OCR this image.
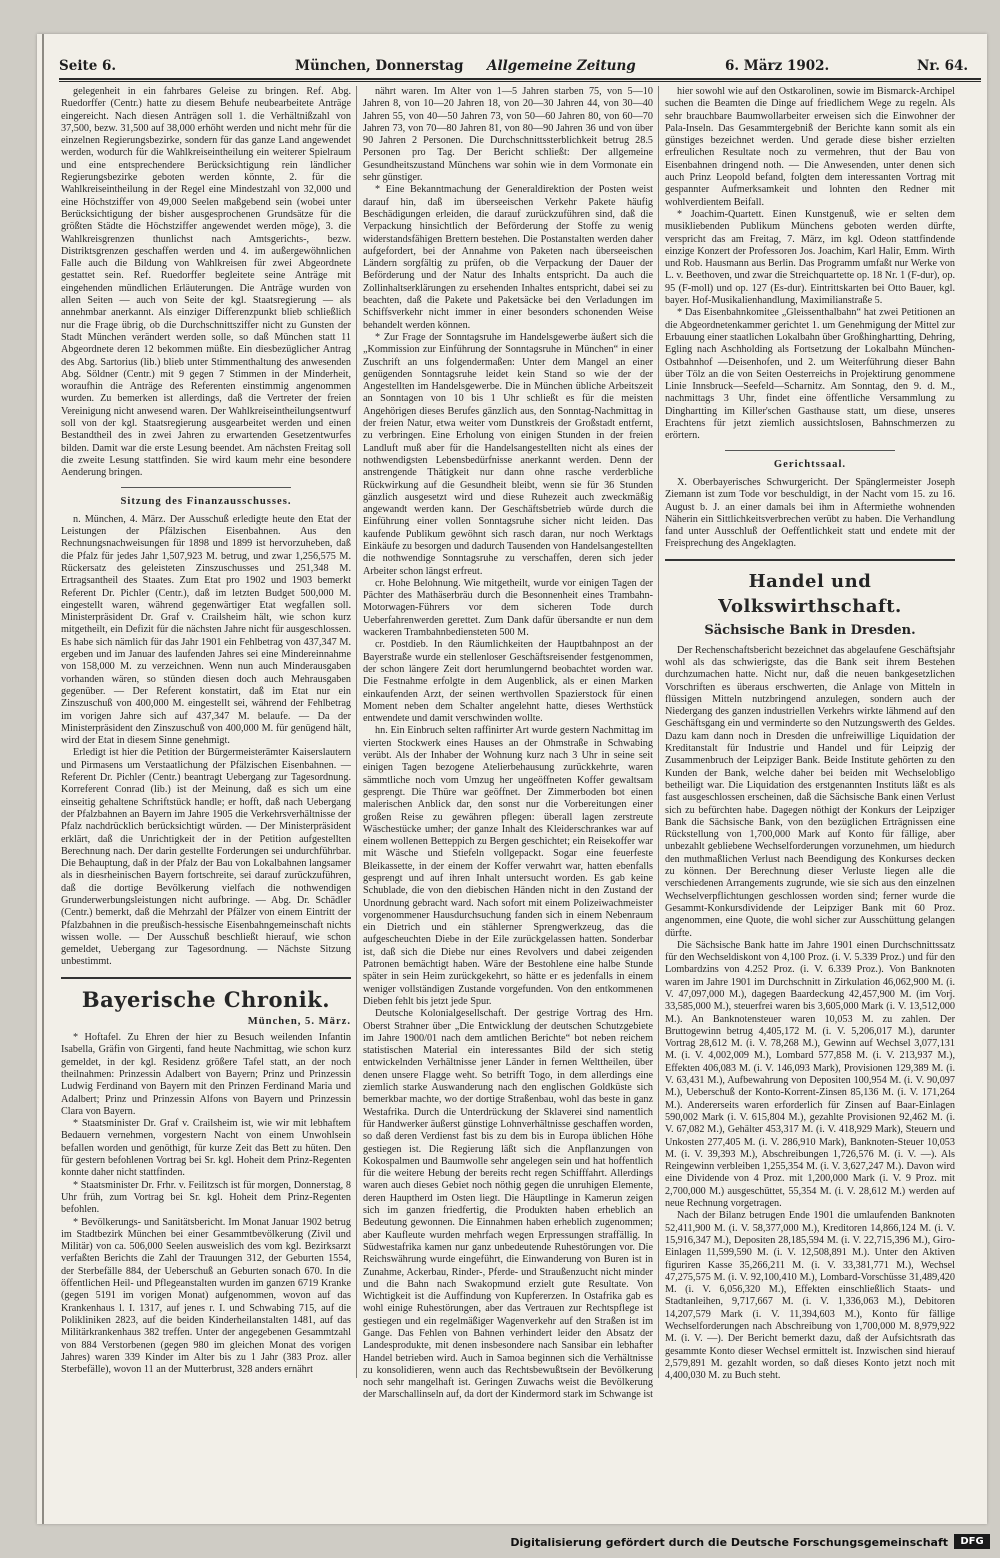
Seite 6.	München, Donnerstag Allgemeine Zeitung	6. März 1902.	Nr. 64.

gelegenheit in ein fahrbares Geleise zu bringen. Ref. Abg. Ruedorffer (Centr.) hatte zu diesem Behufe neubearbeitete Anträge eingereicht. Nach diesen Anträgen soll 1. die Verhältnißzahl von 37,500, bezw. 31,500 auf 38,000 erhöht werden und nicht mehr für die einzelnen Regierungsbezirke, sondern für das ganze Land angewendet werden, wodurch für die Wahlkreiseintheilung ein weiterer Spielraum und eine entsprechendere Berücksichtigung rein ländlicher Regierungsbezirke geboten werden könnte, 2. für die Wahlkreiseintheilung in der Regel eine Mindestzahl von 32,000 und eine Höchstziffer von 49,000 Seelen maßgebend sein (wobei unter Berücksichtigung der bisher ausgesprochenen Grundsätze für die größten Städte die Höchstziffer angewendet werden möge), 3. die Wahlkreisgrenzen thunlichst nach Amtsgerichts-, bezw. Distriktsgrenzen geschaffen werden und 4. im außergewöhnlichen Falle auch die Bildung von Wahlkreisen für zwei Abgeordnete gestattet sein. Ref. Ruedorffer begleitete seine Anträge mit eingehenden mündlichen Erläuterungen. Die Anträge wurden von allen Seiten — auch von Seite der kgl. Staatsregierung — als annehmbar anerkannt. Als einziger Differenzpunkt blieb schließlich nur die Frage übrig, ob die Durchschnittsziffer nicht zu Gunsten der Stadt München verändert werden solle, so daß München statt 11 Abgeordnete deren 12 bekommen müßte. Ein diesbezüglicher Antrag des Abg. Sartorius (lib.) blieb unter Stimmenthaltung des anwesenden Abg. Söldner (Centr.) mit 9 gegen 7 Stimmen in der Minderheit, woraufhin die Anträge des Referenten einstimmig angenommen wurden. Zu bemerken ist allerdings, daß die Vertreter der freien Vereinigung nicht anwesend waren. Der Wahlkreiseintheilungsentwurf soll von der kgl. Staatsregierung ausgearbeitet werden und einen Bestandtheil des in zwei Jahren zu erwartenden Gesetzentwurfes bilden. Damit war die erste Lesung beendet. Am nächsten Freitag soll die zweite Lesung stattfinden. Sie wird kaum mehr eine besondere Aenderung bringen.

Sitzung des Finanzausschusses.

n. München, 4. März. Der Ausschuß erledigte heute den Etat der Leistungen der Pfälzischen Eisenbahnen. Aus den Rechnungsnachweisungen für 1898 und 1899 ist hervorzuheben, daß die Pfalz für jedes Jahr 1,507,923 M. betrug, und zwar 1,256,575 M. Rückersatz des geleisteten Zinszuschusses und 251,348 M. Ertragsantheil des Staates. Zum Etat pro 1902 und 1903 bemerkt Referent Dr. Pichler (Centr.), daß im letzten Budget 500,000 M. eingestellt waren, während gegenwärtiger Etat wegfallen soll. Ministerpräsident Dr. Graf v. Crailsheim hält, wie schon kurz mitgetheilt, ein Defizit für die nächsten Jahre nicht für ausgeschlossen. Es habe sich nämlich für das Jahr 1901 ein Fehlbetrag von 437,347 M. ergeben und im Januar des laufenden Jahres sei eine Mindereinnahme von 158,000 M. zu verzeichnen. Wenn nun auch Minderausgaben vorhanden wären, so stünden diesen doch auch Mehrausgaben gegenüber. — Der Referent konstatirt, daß im Etat nur ein Zinszuschuß von 400,000 M. eingestellt sei, während der Fehlbetrag im vorigen Jahre sich auf 437,347 M. belaufe. — Da der Ministerpräsident den Zinszuschuß von 400,000 M. für genügend hält, wird der Etat in diesem Sinne genehmigt.

Erledigt ist hier die Petition der Bürgermeisterämter Kaiserslautern und Pirmasens um Verstaatlichung der Pfälzischen Eisenbahnen. — Referent Dr. Pichler (Centr.) beantragt Uebergang zur Tagesordnung. Korreferent Conrad (lib.) ist der Meinung, daß es sich um eine einseitig gehaltene Schriftstück handle; er hofft, daß nach Uebergang der Pfalzbahnen an Bayern im Jahre 1905 die Verkehrsverhältnisse der Pfalz nachdrücklich berücksichtigt würden. — Der Ministerpräsident erklärt, daß die Unrichtigkeit der in der Petition aufgestellten Berechnung nach. Der darin gestellte Forderungen sei undurchführbar. Die Behauptung, daß in der Pfalz der Bau von Lokalbahnen langsamer als in diesrheinischen Bayern fortschreite, sei darauf zurückzuführen, daß die dortige Bevölkerung vielfach die nothwendigen Grunderwerbungsleistungen nicht aufbringe. — Abg. Dr. Schädler (Centr.) bemerkt, daß die Mehrzahl der Pfälzer von einem Eintritt der Pfalzbahnen in die preußisch-hessische Eisenbahngemeinschaft nichts wissen wolle. — Der Ausschuß beschließt hierauf, wie schon gemeldet, Uebergang zur Tagesordnung. — Nächste Sitzung unbestimmt.

Bayerische Chronik.

München, 5. März.

* Hoftafel. Zu Ehren der hier zu Besuch weilenden Infantin Isabella, Gräfin von Girgenti, fand heute Nachmittag, wie schon kurz gemeldet, in der kgl. Residenz größere Tafel statt, an der noch theilnahmen: Prinzessin Adalbert von Bayern; Prinz und Prinzessin Ludwig Ferdinand von Bayern mit den Prinzen Ferdinand Maria und Adalbert; Prinz und Prinzessin Alfons von Bayern und Prinzessin Clara von Bayern.

* Staatsminister Dr. Graf v. Crailsheim ist, wie wir mit lebhaftem Bedauern vernehmen, vorgestern Nacht von einem Unwohlsein befallen worden und genöthigt, für kurze Zeit das Bett zu hüten. Den für gestern befohlenen Vortrag bei Sr. kgl. Hoheit dem Prinz-Regenten konnte daher nicht stattfinden.

* Staatsminister Dr. Frhr. v. Feilitzsch ist für morgen, Donnerstag, 8 Uhr früh, zum Vortrag bei Sr. kgl. Hoheit dem Prinz-Regenten befohlen.

* Bevölkerungs- und Sanitätsbericht. Im Monat Januar 1902 betrug im Stadtbezirk München bei einer Gesammtbevölkerung (Zivil und Militär) von ca. 506,000 Seelen ausweislich des vom kgl. Bezirksarzt verfaßten Berichts die Zahl der Trauungen 312, der Geburten 1554, der Sterbefälle 884, der Ueberschuß an Geburten sonach 670. In die öffentlichen Heil- und Pflegeanstalten wurden im ganzen 6719 Kranke (gegen 5191 im vorigen Monat) aufgenommen, wovon auf das Krankenhaus l. I. 1317, auf jenes r. I. und Schwabing 715, auf die Polikliniken 2823, auf die beiden Kinderheilanstalten 1481, auf das Militärkrankenhaus 382 treffen. Unter der angegebenen Gesammtzahl von 884 Verstorbenen (gegen 980 im gleichen Monat des vorigen Jahres) waren 339 Kinder im Alter bis zu 1 Jahr (383 Proz. aller Sterbefälle), wovon 11 an der Mutterbrust, 328 anders ernährt

nährt waren. Im Alter von 1—5 Jahren starben 75, von 5—10 Jahren 8, von 10—20 Jahren 18, von 20—30 Jahren 44, von 30—40 Jahren 55, von 40—50 Jahren 73, von 50—60 Jahren 80, von 60—70 Jahren 73, von 70—80 Jahren 81, von 80—90 Jahren 36 und von über 90 Jahren 2 Personen. Die Durchschnittssterblichkeit betrug 28.5 Personen pro Tag. Der Bericht schließt: Der allgemeine Gesundheitszustand Münchens war sohin wie in dem Vormonate ein sehr günstiger.

* Eine Bekanntmachung der Generaldirektion der Posten weist darauf hin, daß im überseeischen Verkehr Pakete häufig Beschädigungen erleiden, die darauf zurückzuführen sind, daß die Verpackung hinsichtlich der Beförderung der Stoffe zu wenig widerstandsfähigen Brettern bestehen. Die Postanstalten werden daher aufgefordert, bei der Annahme von Paketen nach überseeischen Ländern sorgfältig zu prüfen, ob die Verpackung der Dauer der Beförderung und der Natur des Inhalts entspricht. Da auch die Zollinhaltserklärungen zu ersehenden Inhaltes entspricht, dabei sei zu beachten, daß die Pakete und Paketsäcke bei den Verladungen im Schiffsverkehr nicht immer in einer besonders schonenden Weise behandelt werden können.

* Zur Frage der Sonntagsruhe im Handelsgewerbe äußert sich die „Kommission zur Einführung der Sonntagsruhe in München“ in einer Zuschrift an uns folgendermaßen: Unter dem Mangel an einer genügenden Sonntagsruhe leidet kein Stand so wie der der Angestellten im Handelsgewerbe. Die in München übliche Arbeitszeit an Sonntagen von 10 bis 1 Uhr schließt es für die meisten Angehörigen dieses Berufes gänzlich aus, den Sonntag-Nachmittag in der freien Natur, etwa weiter vom Dunstkreis der Großstadt entfernt, zu verbringen. Eine Erholung von einigen Stunden in der freien Landluft muß aber für die Handelsangestellten nicht als eines der nothwendigsten Lebensbedürfnisse anerkannt werden. Denn der anstrengende Thätigkeit nur dann ohne rasche verderbliche Rückwirkung auf die Gesundheit bleibt, wenn sie für 36 Stunden gänzlich ausgesetzt wird und diese Ruhezeit auch zweckmäßig angewandt werden kann. Der Geschäftsbetrieb würde durch die Einführung einer vollen Sonntagsruhe sicher nicht leiden. Das kaufende Publikum gewöhnt sich rasch daran, nur noch Werktags Einkäufe zu besorgen und dadurch Tausenden von Handelsangestellten die nothwendige Sonntagsruhe zu verschaffen, deren sich jeder Arbeiter schon längst erfreut.

cr. Hohe Belohnung. Wie mitgetheilt, wurde vor einigen Tagen der Pächter des Mathäserbräu durch die Besonnenheit eines Trambahn-Motorwagen-Führers vor dem sicheren Tode durch Ueberfahrenwerden gerettet. Zum Dank dafür übersandte er nun dem wackeren Trambahnbediensteten 500 M.

cr. Postdieb. In den Räumlichkeiten der Hauptbahnpost an der Bayerstraße wurde ein stellenloser Geschäftsreisender festgenommen, der schon längere Zeit dort herumlungernd beobachtet worden war. Die Festnahme erfolgte in dem Augenblick, als er einen Marken einkaufenden Arzt, der seinen werthvollen Spazierstock für einen Moment neben dem Schalter angelehnt hatte, dieses Werthstück entwendete und damit verschwinden wollte.

hn. Ein Einbruch selten raffinirter Art wurde gestern Nachmittag im vierten Stockwerk eines Hauses an der Ohmstraße in Schwabing verübt. Als der Inhaber der Wohnung kurz nach 3 Uhr in seine seit einigen Tagen bezogene Atelierbehausung zurückkehrte, waren sämmtliche noch vom Umzug her ungeöffneten Koffer gewaltsam gesprengt. Die Thüre war geöffnet. Der Zimmerboden bot einen malerischen Anblick dar, den sonst nur die Vorbereitungen einer großen Reise zu gewähren pflegen: überall lagen zerstreute Wäschestücke umher; der ganze Inhalt des Kleiderschrankes war auf einem wollenen Betteppich zu Bergen geschichtet; ein Reisekoffer war mit Wäsche und Stiefeln vollgepackt. Sogar eine feuerfeste Bleikassette, in der einem der Koffer verwahrt war, hatten ebenfalls gesprengt und auf ihren Inhalt untersucht worden. Es gab keine Schublade, die von den diebischen Händen nicht in den Zustand der Unordnung gebracht ward. Nach sofort mit einem Polizeiwachmeister vorgenommener Hausdurchsuchung fanden sich in einem Nebenraum ein Dietrich und ein stählerner Sprengwerkzeug, das die aufgescheuchten Diebe in der Eile zurückgelassen hatten. Sonderbar ist, daß sich die Diebe nur eines Revolvers und dabei zeigenden Patronen bemächtigt haben. Wäre der Bestohlene eine halbe Stunde später in sein Heim zurückgekehrt, so hätte er es jedenfalls in einem weniger vollständigen Zustande vorgefunden. Von den entkommenen Dieben fehlt bis jetzt jede Spur.

Deutsche Kolonialgesellschaft. Der gestrige Vortrag des Hrn. Oberst Strahner über „Die Entwicklung der deutschen Schutzgebiete im Jahre 1900/01 nach dem amtlichen Berichte“ bot neben reichem statistischen Material ein interessantes Bild der sich stetig entwickelnden Verhältnisse jener Länder in fernen Welttheilen, über denen unsere Flagge weht. So betrifft Togo, in dem allerdings eine ziemlich starke Auswanderung nach den englischen Goldküste sich bemerkbar machte, wo der dortige Straßenbau, wohl das beste in ganz Westafrika. Durch die Unterdrückung der Sklaverei sind namentlich für Handwerker äußerst günstige Lohnverhältnisse geschaffen worden, so daß deren Verdienst fast bis zu dem bis in Europa üblichen Höhe gestiegen ist. Die Regierung läßt sich die Anpflanzungen von Kokospalmen und Baumwolle sehr angelegen sein und hat hoffentlich für die weitere Hebung der bereits recht regen Schifffahrt. Allerdings waren auch dieses Gebiet noch nöthig gegen die unruhigen Elemente, deren Hauptherd im Osten liegt. Die Häuptlinge in Kamerun zeigen sich im ganzen friedfertig, die Produkten haben erheblich an Bedeutung gewonnen. Die Einnahmen haben erheblich zugenommen; aber Kaufleute wurden mehrfach wegen Erpressungen straffällig. In Südwestafrika kamen nur ganz unbedeutende Ruhestörungen vor. Die Reichswährung wurde eingeführt, die Einwanderung von Buren ist in Zunahme, Ackerbau, Rinder-, Pferde- und Straußenzucht nicht minder und die Bahn nach Swakopmund erzielt gute Resultate. Von Wichtigkeit ist die Auffindung von Kupfererzen. In Ostafrika gab es wohl einige Ruhestörungen, aber das Vertrauen zur Rechtspflege ist gestiegen und ein regelmäßiger Wagenverkehr auf den Straßen ist im Gange. Das Fehlen von Bahnen verhindert leider den Absatz der Landesprodukte, mit denen insbesondere nach Sansibar ein lebhafter Handel betrieben wird. Auch in Samoa beginnen sich die Verhältnisse zu konsolidieren, wenn auch das Rechtsbewußtsein der Bevölkerung noch sehr mangelhaft ist. Geringen Zuwachs weist die Bevölkerung der Marschallinseln auf, da dort der Kindermord stark im Schwange ist

hier sowohl wie auf den Ostkarolinen, sowie im Bismarck-Archipel suchen die Beamten die Dinge auf friedlichem Wege zu regeln. Als sehr brauchbare Baumwollarbeiter erweisen sich die Einwohner der Pala-Inseln. Das Gesammtergebniß der Berichte kann somit als ein günstiges bezeichnet werden. Und gerade diese bisher erzielten erfreulichen Resultate noch zu vermehren, thut der Bau von Eisenbahnen dringend noth. — Die Anwesenden, unter denen sich auch Prinz Leopold befand, folgten dem interessanten Vortrag mit gespannter Aufmerksamkeit und lohnten den Redner mit wohlverdientem Beifall.

* Joachim-Quartett. Einen Kunstgenuß, wie er selten dem musikliebenden Publikum Münchens geboten werden dürfte, verspricht das am Freitag, 7. März, im kgl. Odeon stattfindende einzige Konzert der Professoren Jos. Joachim, Karl Halir, Emm. Wirth und Rob. Hausmann aus Berlin. Das Programm umfaßt nur Werke von L. v. Beethoven, und zwar die Streichquartette op. 18 Nr. 1 (F-dur), op. 95 (F-moll) und op. 127 (Es-dur). Eintrittskarten bei Otto Bauer, kgl. bayer. Hof-Musikalienhandlung, Maximilianstraße 5.

* Das Eisenbahnkomitee „Gleissenthalbahn“ hat zwei Petitionen an die Abgeordnetenkammer gerichtet 1. um Genehmigung der Mittel zur Erbauung einer staatlichen Lokalbahn über Großhinghartting, Dehring, Egling nach Aschholding als Fortsetzung der Lokalbahn München-Ostbahnhof —Deisenhofen, und 2. um Weiterführung dieser Bahn über Tölz an die von Seiten Oesterreichs in Projektirung genommene Linie Innsbruck—Seefeld—Scharnitz. Am Sonntag, den 9. d. M., nachmittags 3 Uhr, findet eine öffentliche Versammlung zu Dinghartting im Killer'schen Gasthause statt, um diese, unseres Erachtens für jetzt ziemlich aussichtslosen, Bahnschmerzen zu erörtern.

Gerichtssaal.

X. Oberbayerisches Schwurgericht. Der Spänglermeister Joseph Ziemann ist zum Tode vor beschuldigt, in der Nacht vom 15. zu 16. August b. J. an einer damals bei ihm in Aftermiethe wohnenden Näherin ein Sittlichkeitsverbrechen verübt zu haben. Die Verhandlung fand unter Ausschluß der Oeffentlichkeit statt und endete mit der Freisprechung des Angeklagten.

Handel und Volkswirthschaft.

Sächsische Bank in Dresden.

Der Rechenschaftsbericht bezeichnet das abgelaufene Geschäftsjahr wohl als das schwierigste, das die Bank seit ihrem Bestehen durchzumachen hatte. Nicht nur, daß die neuen bankgesetzlichen Vorschriften es überaus erschwerten, die Anlage von Mitteln in flüssigen Mitteln nutzbringend anzulegen, sondern auch der Niedergang des ganzen industriellen Verkehrs wirkte lähmend auf den Geschäftsgang ein und verminderte so den Nutzungswerth des Geldes. Dazu kam dann noch in Dresden die unfreiwillige Liquidation der Kreditanstalt für Industrie und Handel und für Leipzig der Zusammenbruch der Leipziger Bank. Beide Institute gehörten zu den Kunden der Bank, welche daher bei beiden mit Wechselobligo betheiligt war. Die Liquidation des erstgenannten Instituts läßt es als fast ausgeschlossen erscheinen, daß die Sächsische Bank einen Verlust sich zu befürchten habe. Dagegen nöthigt der Konkurs der Leipziger Bank die Sächsische Bank, von den bezüglichen Erträgnissen eine Rückstellung von 1,700,000 Mark auf Konto für fällige, aber unbezahlt gebliebene Wechselforderungen vorzunehmen, um hiedurch den muthmaßlichen Verlust nach Beendigung des Konkurses decken zu können. Der Berechnung dieser Verluste liegen alle die verschiedenen Arrangements zugrunde, wie sie sich aus den einzelnen Wechselverpflichtungen geschlossen worden sind; ferner wurde die Gesammt-Konkursdividende der Leipziger Bank mit 60 Proz. angenommen, eine Quote, die wohl sicher zur Ausschüttung gelangen dürfte.

Die Sächsische Bank hatte im Jahre 1901 einen Durchschnittssatz für den Wechseldiskont von 4,100 Proz. (i. V. 5.339 Proz.) und für den Lombardzins von 4.252 Proz. (i. V. 6.339 Proz.). Von Banknoten waren im Jahre 1901 im Durchschnitt in Zirkulation 46,062,900 M. (i. V. 47,097,000 M.), dagegen Baardeckung 42,457,900 M. (im Vorj. 33,585,000 M.), steuerfrei waren bis 3,605,000 Mark (i. V. 13,512,000 M.). An Banknotensteuer waren 10,053 M. zu zahlen. Der Bruttogewinn betrug 4,405,172 M. (i. V. 5,206,017 M.), darunter Vortrag 28,612 M. (i. V. 78,268 M.), Gewinn auf Wechsel 3,077,131 M. (i. V. 4,002,009 M.), Lombard 577,858 M. (i. V. 213,937 M.), Effekten 406,083 M. (i. V. 146,093 Mark), Provisionen 129,389 M. (i. V. 63,431 M.), Aufbewahrung von Depositen 100,954 M. (i. V. 90,097 M.), Ueberschuß der Konto-Korrent-Zinsen 85,136 M. (i. V. 171,264 M.). Andererseits waren erforderlich für Zinsen auf Baar-Einlagen 590,002 Mark (i. V. 615,804 M.), gezahlte Provisionen 92,462 M. (i. V. 67,082 M.), Gehälter 453,317 M. (i. V. 418,929 Mark), Steuern und Unkosten 277,405 M. (i. V. 286,910 Mark), Banknoten-Steuer 10,053 M. (i. V. 39,393 M.), Abschreibungen 1,726,576 M. (i. V. —). Als Reingewinn verbleiben 1,255,354 M. (i. V. 3,627,247 M.). Davon wird eine Dividende von 4 Proz. mit 1,200,000 Mark (i. V. 9 Proz. mit 2,700,000 M.) ausgeschüttet, 55,354 M. (i. V. 28,612 M.) werden auf neue Rechnung vorgetragen.

Nach der Bilanz betrugen Ende 1901 die umlaufenden Banknoten 52,411,900 M. (i. V. 58,377,000 M.), Kreditoren 14,866,124 M. (i. V. 15,916,347 M.), Depositen 28,185,594 M. (i. V. 22,715,396 M.), Giro-Einlagen 11,599,590 M. (i. V. 12,508,891 M.). Unter den Aktiven figuriren Kasse 35,266,211 M. (i. V. 33,381,771 M.), Wechsel 47,275,575 M. (i. V. 92,100,410 M.), Lombard-Vorschüsse 31,489,420 M. (i. V. 6,056,320 M.), Effekten einschließlich Staats- und Stadtanleihen, 9,717,667 M. (i. V. 1,336,063 M.), Debitoren 14,207,579 Mark (i. V. 11,394,603 M.), Konto für fällige Wechselforderungen nach Abschreibung von 1,700,000 M. 8,979,922 M. (i. V. —). Der Bericht bemerkt dazu, daß der Aufsichtsrath das gesammte Konto dieser Wechsel ermittelt ist. Inzwischen sind hierauf 2,579,891 M. gezahlt worden, so daß dieses Konto jetzt noch mit 4,400,030 M. zu Buch steht.

Digitalisierung gefördert durch die Deutsche Forschungsgemeinschaft	DFG
